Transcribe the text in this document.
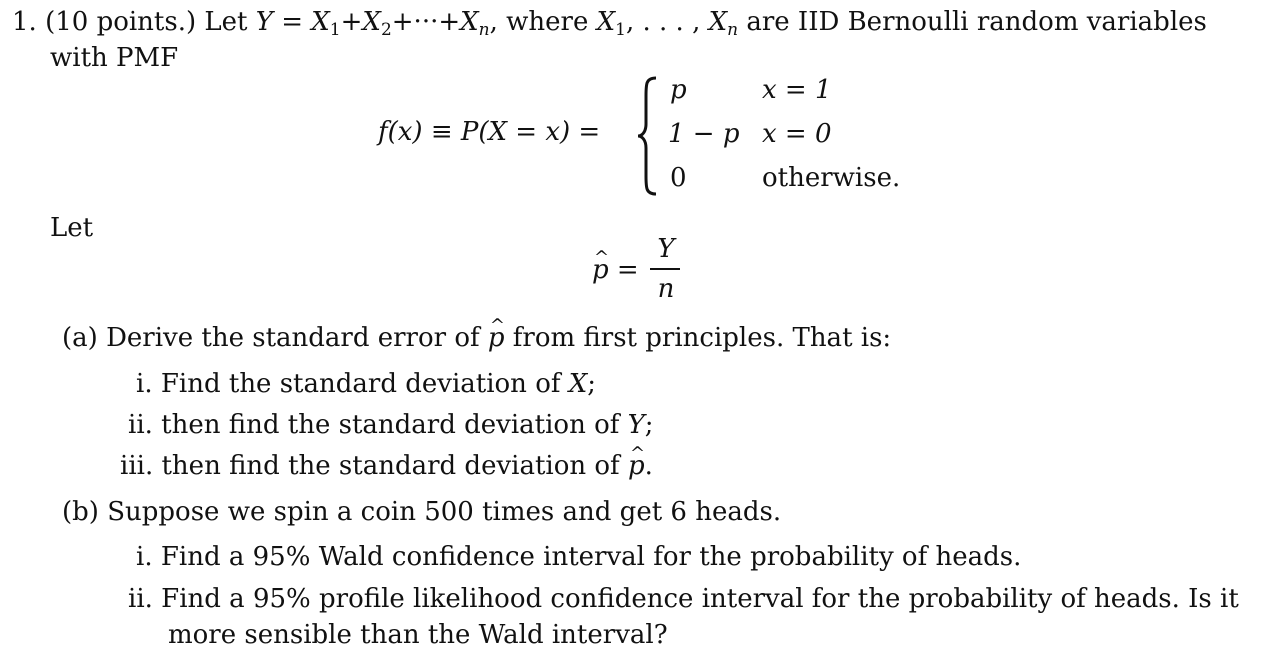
1. (10 points.) Let $Y = X_1+X_2+\cdot\cdot\cdot+X_n$, where $X_1$, . . . , $X_n$ are IID Bernoulli random variables
with PMF
f(x) ≡ P(X = x) =
p	x = 1
1 − p x = 0
0	otherwise.
Let
p ^ =
Y
n
(a) Derive the standard error of p ^ from first principles. That is:
i. Find the standard deviation of X;
ii. then find the standard deviation of Y;
iii. then find the standard deviation of p ^.
(b) Suppose we spin a coin 500 times and get 6 heads.
i. Find a 95% Wald confidence interval for the probability of heads.
ii. Find a 95% profile likelihood confidence interval for the probability of heads. Is it
more sensible than the Wald interval?
